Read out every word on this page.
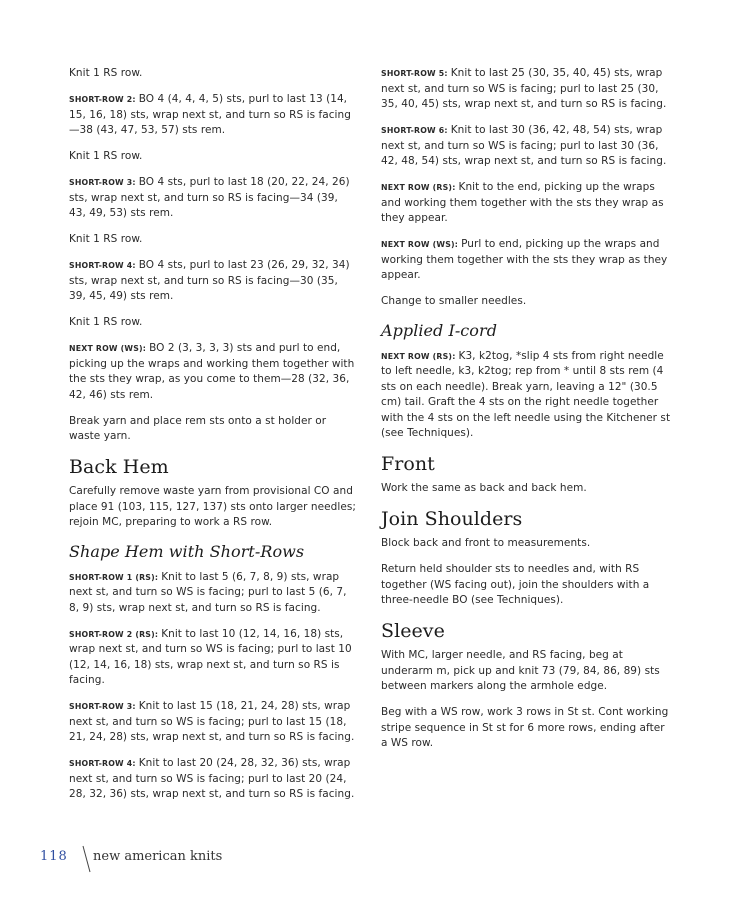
Knit 1 RS row.

SHORT-ROW 2: BO 4 (4, 4, 4, 5) sts, purl to last 13 (14, 15, 16, 18) sts, wrap next st, and turn so RS is facing—38 (43, 47, 53, 57) sts rem.

Knit 1 RS row.

SHORT-ROW 3: BO 4 sts, purl to last 18 (20, 22, 24, 26) sts, wrap next st, and turn so RS is facing—34 (39, 43, 49, 53) sts rem.

Knit 1 RS row.

SHORT-ROW 4: BO 4 sts, purl to last 23 (26, 29, 32, 34) sts, wrap next st, and turn so RS is facing—30 (35, 39, 45, 49) sts rem.

Knit 1 RS row.

NEXT ROW (WS): BO 2 (3, 3, 3, 3) sts and purl to end, picking up the wraps and working them together with the sts they wrap, as you come to them—28 (32, 36, 42, 46) sts rem.

Break yarn and place rem sts onto a st holder or waste yarn.

Back Hem

Carefully remove waste yarn from provisional CO and place 91 (103, 115, 127, 137) sts onto larger needles; rejoin MC, preparing to work a RS row.

Shape Hem with Short-Rows

SHORT-ROW 1 (RS): Knit to last 5 (6, 7, 8, 9) sts, wrap next st, and turn so WS is facing; purl to last 5 (6, 7, 8, 9) sts, wrap next st, and turn so RS is facing.

SHORT-ROW 2 (RS): Knit to last 10 (12, 14, 16, 18) sts, wrap next st, and turn so WS is facing; purl to last 10 (12, 14, 16, 18) sts, wrap next st, and turn so RS is facing.

SHORT-ROW 3: Knit to last 15 (18, 21, 24, 28) sts, wrap next st, and turn so WS is facing; purl to last 15 (18, 21, 24, 28) sts, wrap next st, and turn so RS is facing.

SHORT-ROW 4: Knit to last 20 (24, 28, 32, 36) sts, wrap next st, and turn so WS is facing; purl to last 20 (24, 28, 32, 36) sts, wrap next st, and turn so RS is facing.

SHORT-ROW 5: Knit to last 25 (30, 35, 40, 45) sts, wrap next st, and turn so WS is facing; purl to last 25 (30, 35, 40, 45) sts, wrap next st, and turn so RS is facing.

SHORT-ROW 6: Knit to last 30 (36, 42, 48, 54) sts, wrap next st, and turn so WS is facing; purl to last 30 (36, 42, 48, 54) sts, wrap next st, and turn so RS is facing.

NEXT ROW (RS): Knit to the end, picking up the wraps and working them together with the sts they wrap as they appear.

NEXT ROW (WS): Purl to end, picking up the wraps and working them together with the sts they wrap as they appear.

Change to smaller needles.

Applied I-cord

NEXT ROW (RS): K3, k2tog, *slip 4 sts from right needle to left needle, k3, k2tog; rep from * until 8 sts rem (4 sts on each needle). Break yarn, leaving a 12" (30.5 cm) tail. Graft the 4 sts on the right needle together with the 4 sts on the left needle using the Kitchener st (see Techniques).

Front

Work the same as back and back hem.

Join Shoulders

Block back and front to measurements.

Return held shoulder sts to needles and, with RS together (WS facing out), join the shoulders with a three-needle BO (see Techniques).

Sleeve

With MC, larger needle, and RS facing, beg at underarm m, pick up and knit 73 (79, 84, 86, 89) sts between markers along the armhole edge.

Beg with a WS row, work 3 rows in St st. Cont working stripe sequence in St st for 6 more rows, ending after a WS row.

118 new american knits
